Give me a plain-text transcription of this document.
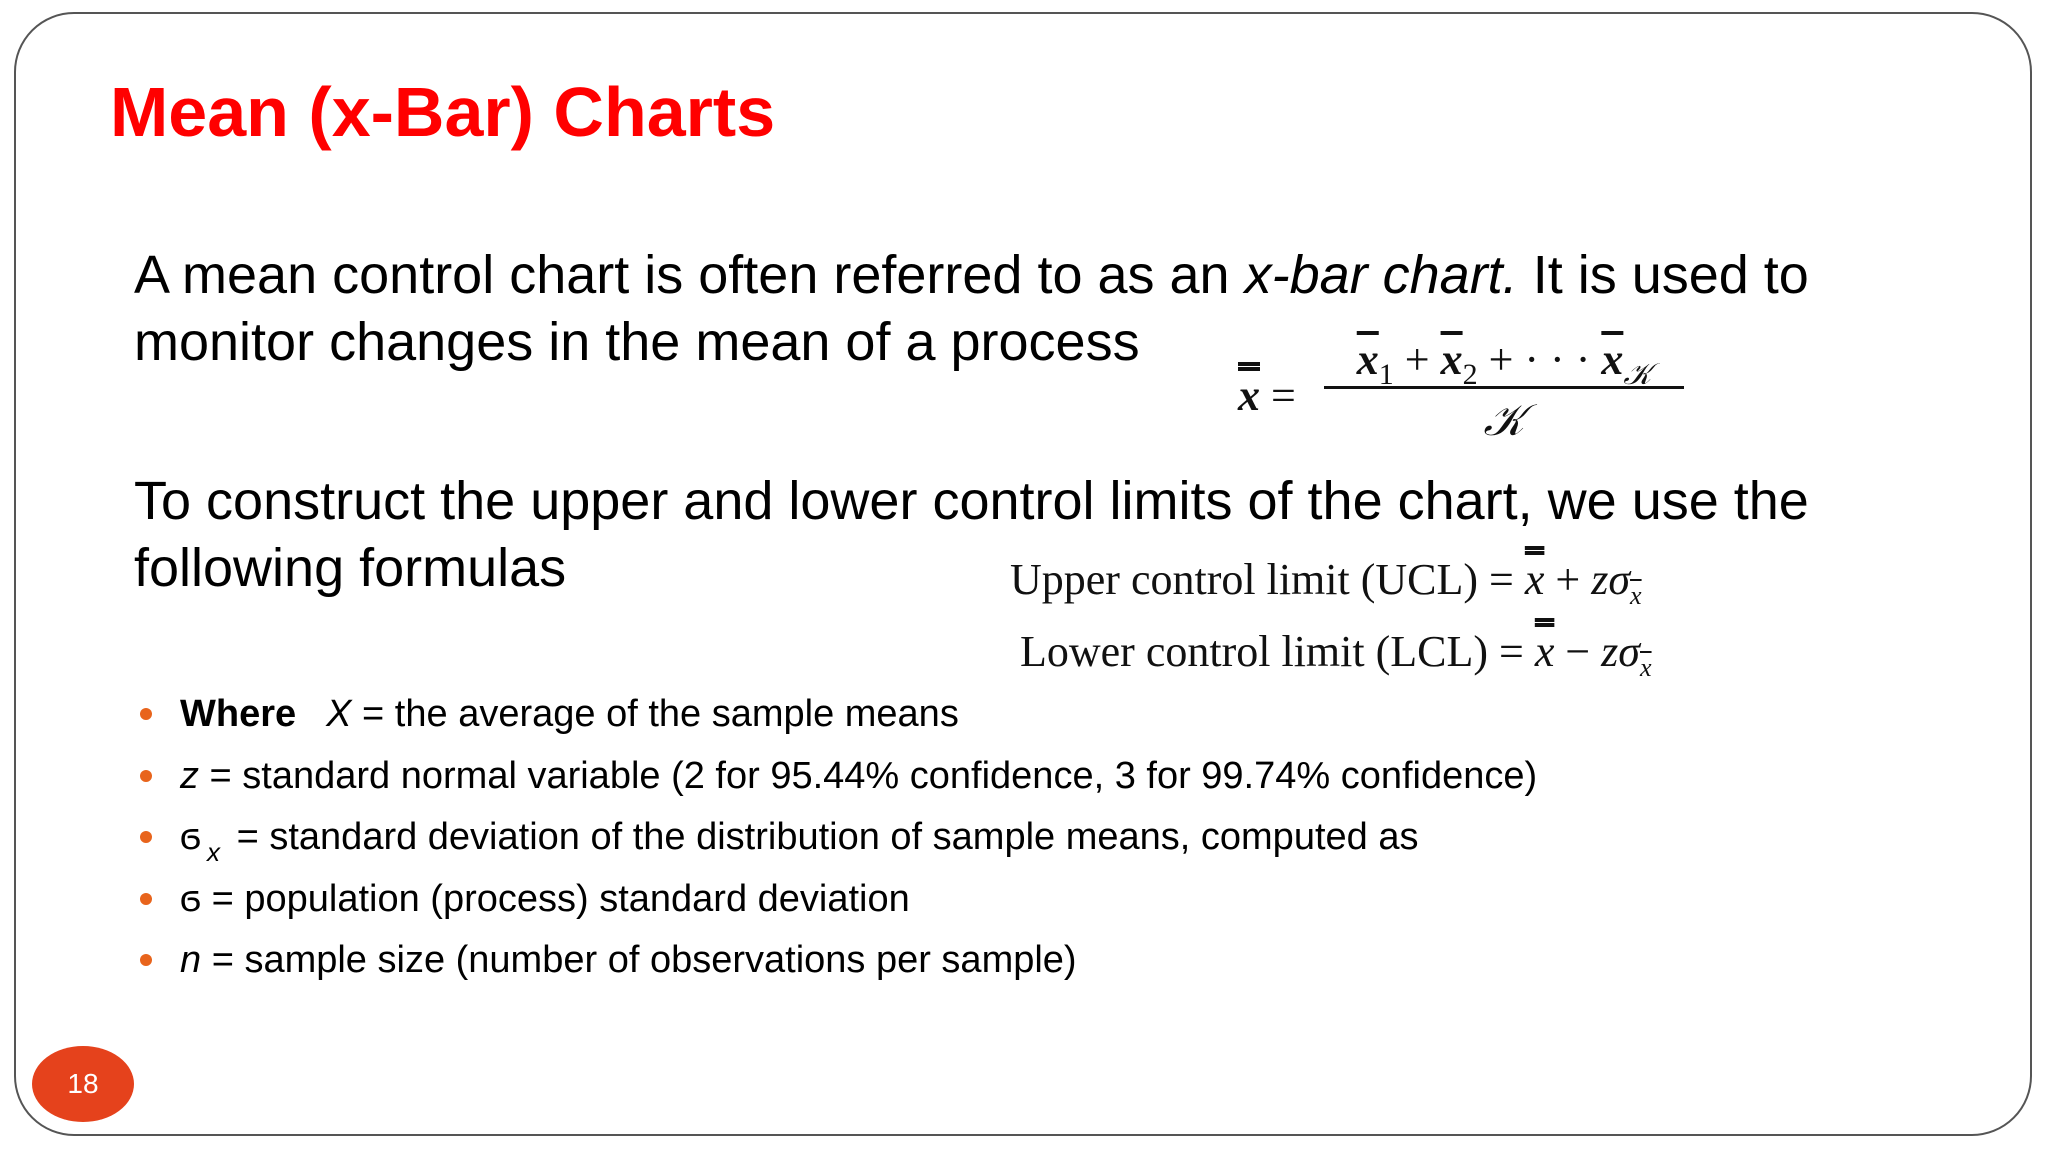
Mean (x-Bar) Charts
A mean control chart is often referred to as an x-bar chart. It is used to monitor changes in the mean of a process
x =
$\overline{x}_1 + \overline{x}_2$ + · · · $\overline{x}_𝒦$
𝒦
To construct the upper and lower control limits of the chart, we use the following formulas	Upper control limit $(UCL) = x + z\sigma_{\overline{x}}$
Lower control limit $(LCL) = x - z\sigma_{\overline{x}}$
Where X = the average of the sample means
z = standard normal variable (2 for 95.44% confidence, 3 for 99.74% confidence)
ϭ $_x$ = standard deviation of the distribution of sample means, computed as
ϭ = population (process) standard deviation
n = sample size (number of observations per sample)
18
